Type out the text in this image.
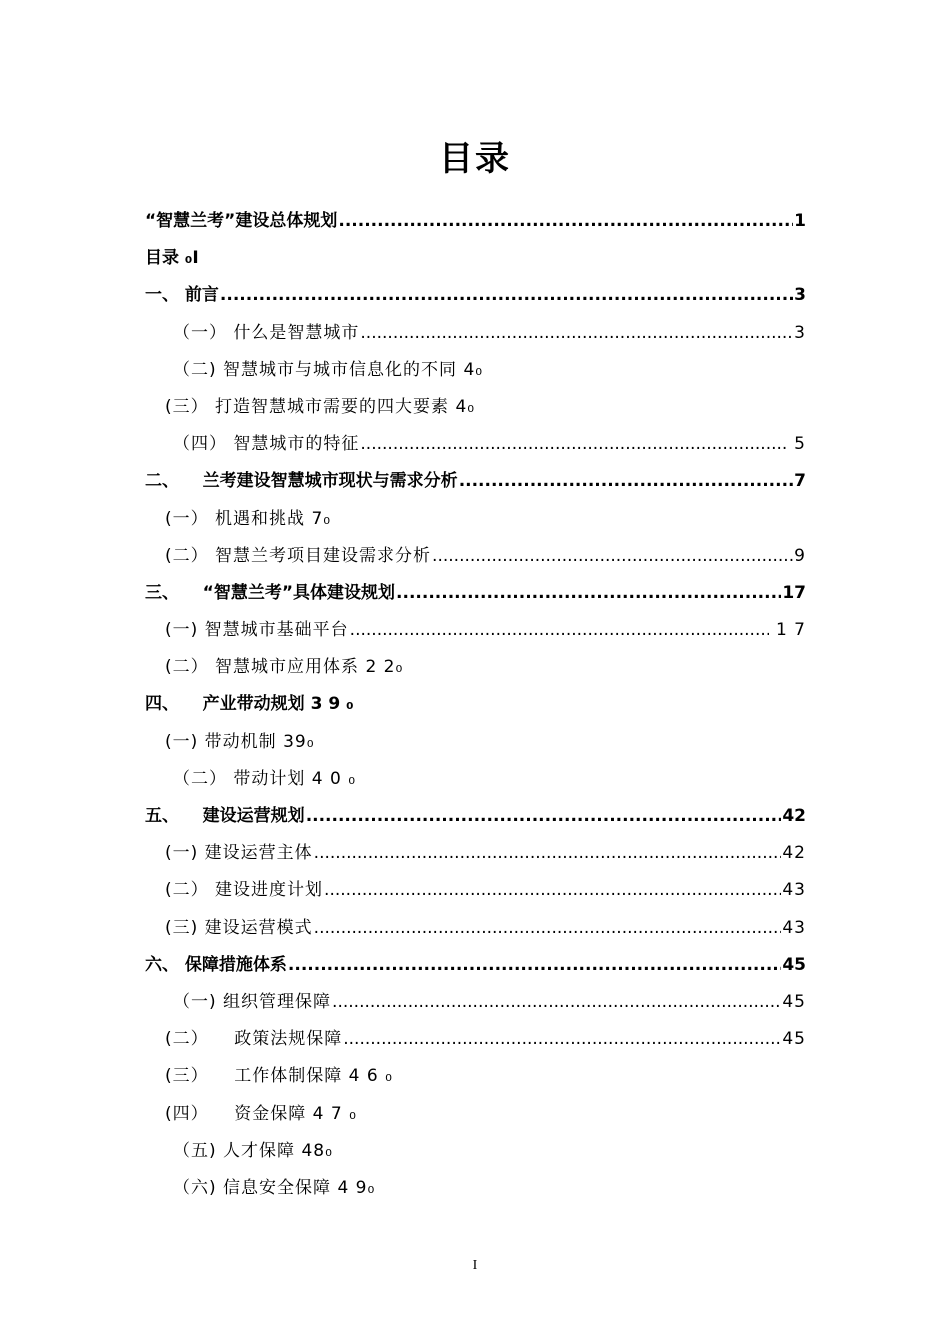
目录
“智慧兰考”建设总体规划 .....	1
目录 ₀I
一、 前言 .....	3
（一） 什么是智慧城市 .....	3
（二) 智慧城市与城市信息化的不同 4₀
(三） 打造智慧城市需要的四大要素 4₀
（四） 智慧城市的特征 .....	5
二、    兰考建设智慧城市现状与需求分析 .....	7
(一） 机遇和挑战 7₀
(二） 智慧兰考项目建设需求分析 .....	9
三、    “智慧兰考”具体建设规划 .....	17
(一) 智慧城市基础平台 .....	1 7
(二） 智慧城市应用体系 2 2₀
四、    产业带动规划 3 9 ₀
(一) 带动机制 39₀
（二） 带动计划 4 0 ₀
五、    建设运营规划 .....	42
(一) 建设运营主体 .....	42
(二） 建设进度计划 .....	43
(三) 建设运营模式 .....	43
六、 保障措施体系 .....	45
（一) 组织管理保障 .....	45
(二）    政策法规保障 .....	45
(三）    工作体制保障 4 6 ₀
(四）    资金保障 4 7 ₀
（五) 人才保障 48₀
（六) 信息安全保障 4 9₀
I
